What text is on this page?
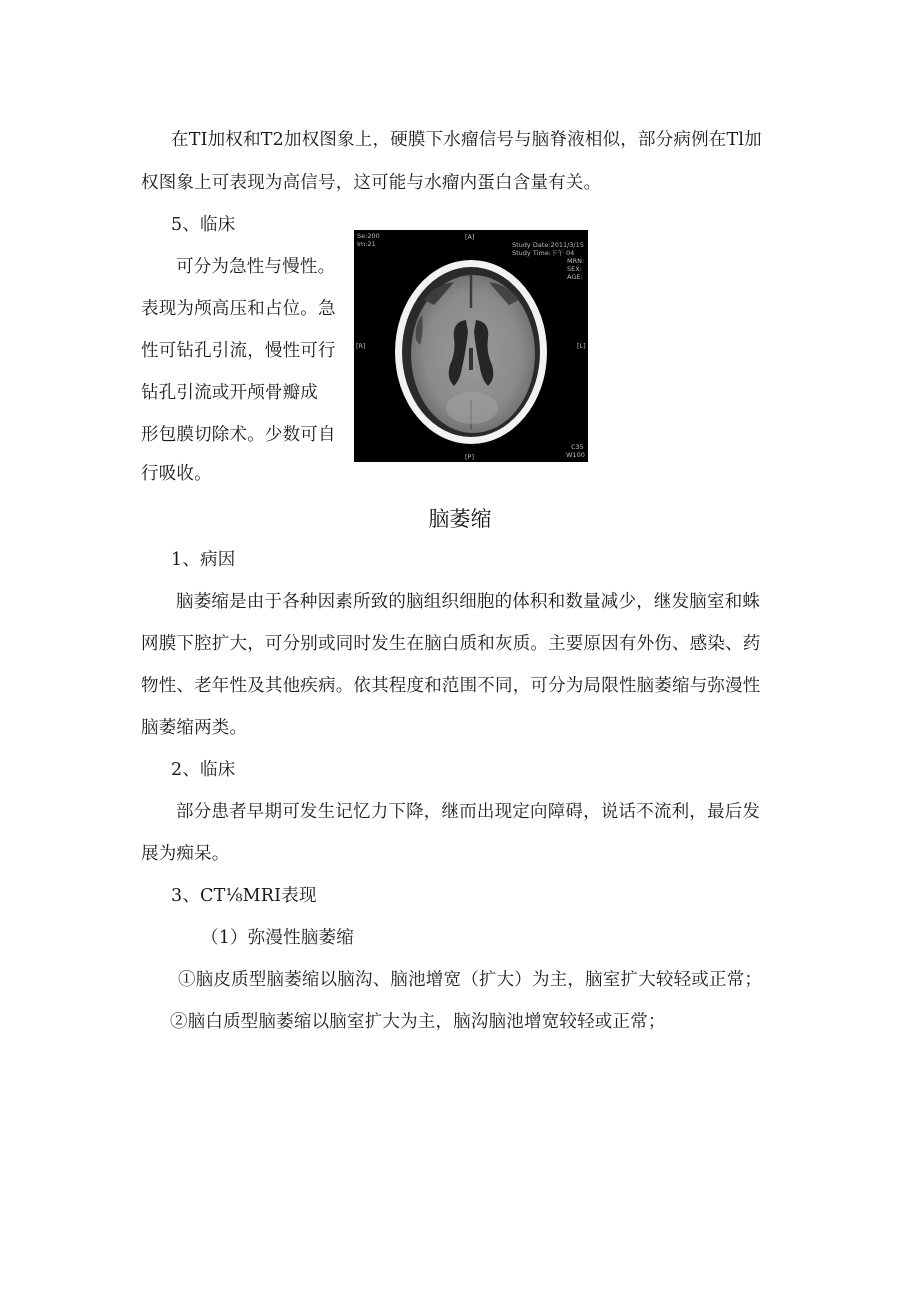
在TI加权和T2加权图象上，硬膜下水瘤信号与脑脊液相似，部分病例在Tl加
权图象上可表现为高信号，这可能与水瘤内蛋白含量有关。
5、临床
可分为急性与慢性。
表现为颅高压和占位。急
性可钻孔引流，慢性可行
钻孔引流或开颅骨瓣成
形包膜切除术。少数可自
行吸收。
Se:200
Im:21
[A]
[P]
[R]	[L]
Study Date:2011/3/15
Study Time:下午 04
MRN:
SEX:
AGE:
C35
W100
脑萎缩
1、病因
脑萎缩是由于各种因素所致的脑组织细胞的体积和数量减少，继发脑室和蛛
网膜下腔扩大，可分别或同时发生在脑白质和灰质。主要原因有外伤、感染、药
物性、老年性及其他疾病。依其程度和范围不同，可分为局限性脑萎缩与弥漫性
脑萎缩两类。
2、临床
部分患者早期可发生记忆力下降，继而出现定向障碍，说话不流利，最后发
展为痴呆。
3、CT⅛MRI表现
（1）弥漫性脑萎缩
①脑皮质型脑萎缩以脑沟、脑池增宽（扩大）为主，脑室扩大较轻或正常；
②脑白质型脑萎缩以脑室扩大为主，脑沟脑池增宽较轻或正常；
